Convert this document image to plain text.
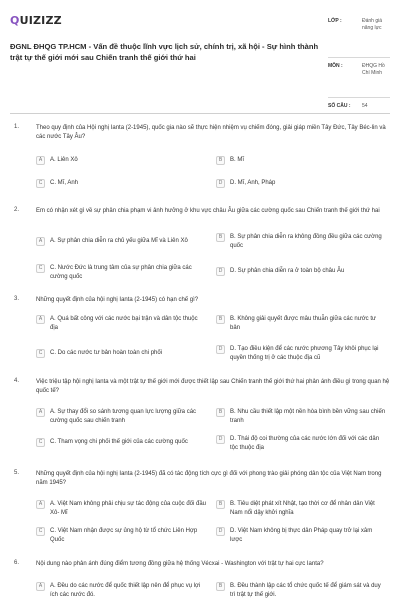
QUIZIZZ
ĐGNL ĐHQG TP.HCM - Vấn đề thuộc lĩnh vực lịch sử, chính trị, xã hội - Sự hình thành trật tự thế giới mới sau Chiến tranh thế giới thứ hai
LỚP :	Đánh giá năng lực
MÔN :	ĐHQG Hồ Chí Minh
SỐ CÂU : 54
1.	Theo quy định của Hội nghị Ianta (2-1945), quốc gia nào sẽ thực hiện nhiệm vụ chiếm đóng, giải giáp miền Tây Đức, Tây Béc-lin và các nước Tây Âu?
A	A. Liên Xô	B	B. Mĩ
C	C. Mĩ, Anh	D	D. Mĩ, Anh, Pháp
2.	Em có nhận xét gì về sự phân chia phạm vi ảnh hưởng ở khu vực châu Âu giữa các cường quốc sau Chiến tranh thế giới thứ hai
A	A. Sự phân chia diễn ra chủ yếu giữa Mĩ và Liên Xô
B	B. Sự phân chia diễn ra không đồng đều giữa các cường quốc
C	C. Nước Đức là trung tâm của sự phân chia giữa các cường quốc
D	D. Sự phân chia diễn ra ở toàn bộ châu Âu
3.	Những quyết định của hội nghị Ianta (2-1945) có hạn chế gì?
A	A. Quá bất công với các nước bại trận và dân tộc thuộc địa
B	B. Không giải quyết được mâu thuẫn giữa các nước tư bản
C	C. Do các nước tư bản hoàn toàn chi phối
D	D. Tạo điều kiện để các nước phương Tây khôi phục lại quyền thống trị ở các thuộc địa cũ
4.	Việc triệu tập hội nghị Ianta và một trật tự thế giới mới được thiết lập sau Chiến tranh thế giới thứ hai phản ánh điều gì trong quan hệ quốc tế?
A	A. Sự thay đổi so sánh tương quan lực lượng giữa các cường quốc sau chiến tranh
B	B. Nhu cầu thiết lập một nền hòa bình bền vững sau chiến tranh
C	C. Tham vọng chi phối thế giới của các cường quốc	D	D. Thái độ coi thường của các nước lớn đối với các dân tộc thuộc địa
5.	Những quyết định của hội nghị Ianta (2-1945) đã có tác động tích cực gì đối với phong trào giải phóng dân tộc của Việt Nam trong năm 1945?
A	A. Việt Nam không phải chịu sự tác động của cuộc đối đầu Xô- Mĩ
B	B. Tiêu diệt phát xít Nhật, tạo thời cơ để nhân dân Việt Nam nổi dậy khởi nghĩa
C	C. Việt Nam nhận được sự ủng hộ từ tổ chức Liên Hợp Quốc
D	D. Việt Nam không bị thực dân Pháp quay trở lại xâm lược
6.	Nội dung nào phản ánh đúng điểm tương đồng giữa hệ thống Vécxai - Washington với trật tự hai cực Ianta?
A	A. Đều do các nước để quốc thiết lập nên để phục vụ lợi ích các nước đó.
B	B. Đều thành lập các tổ chức quốc tế để giám sát và duy trì trật tự thế giới.
